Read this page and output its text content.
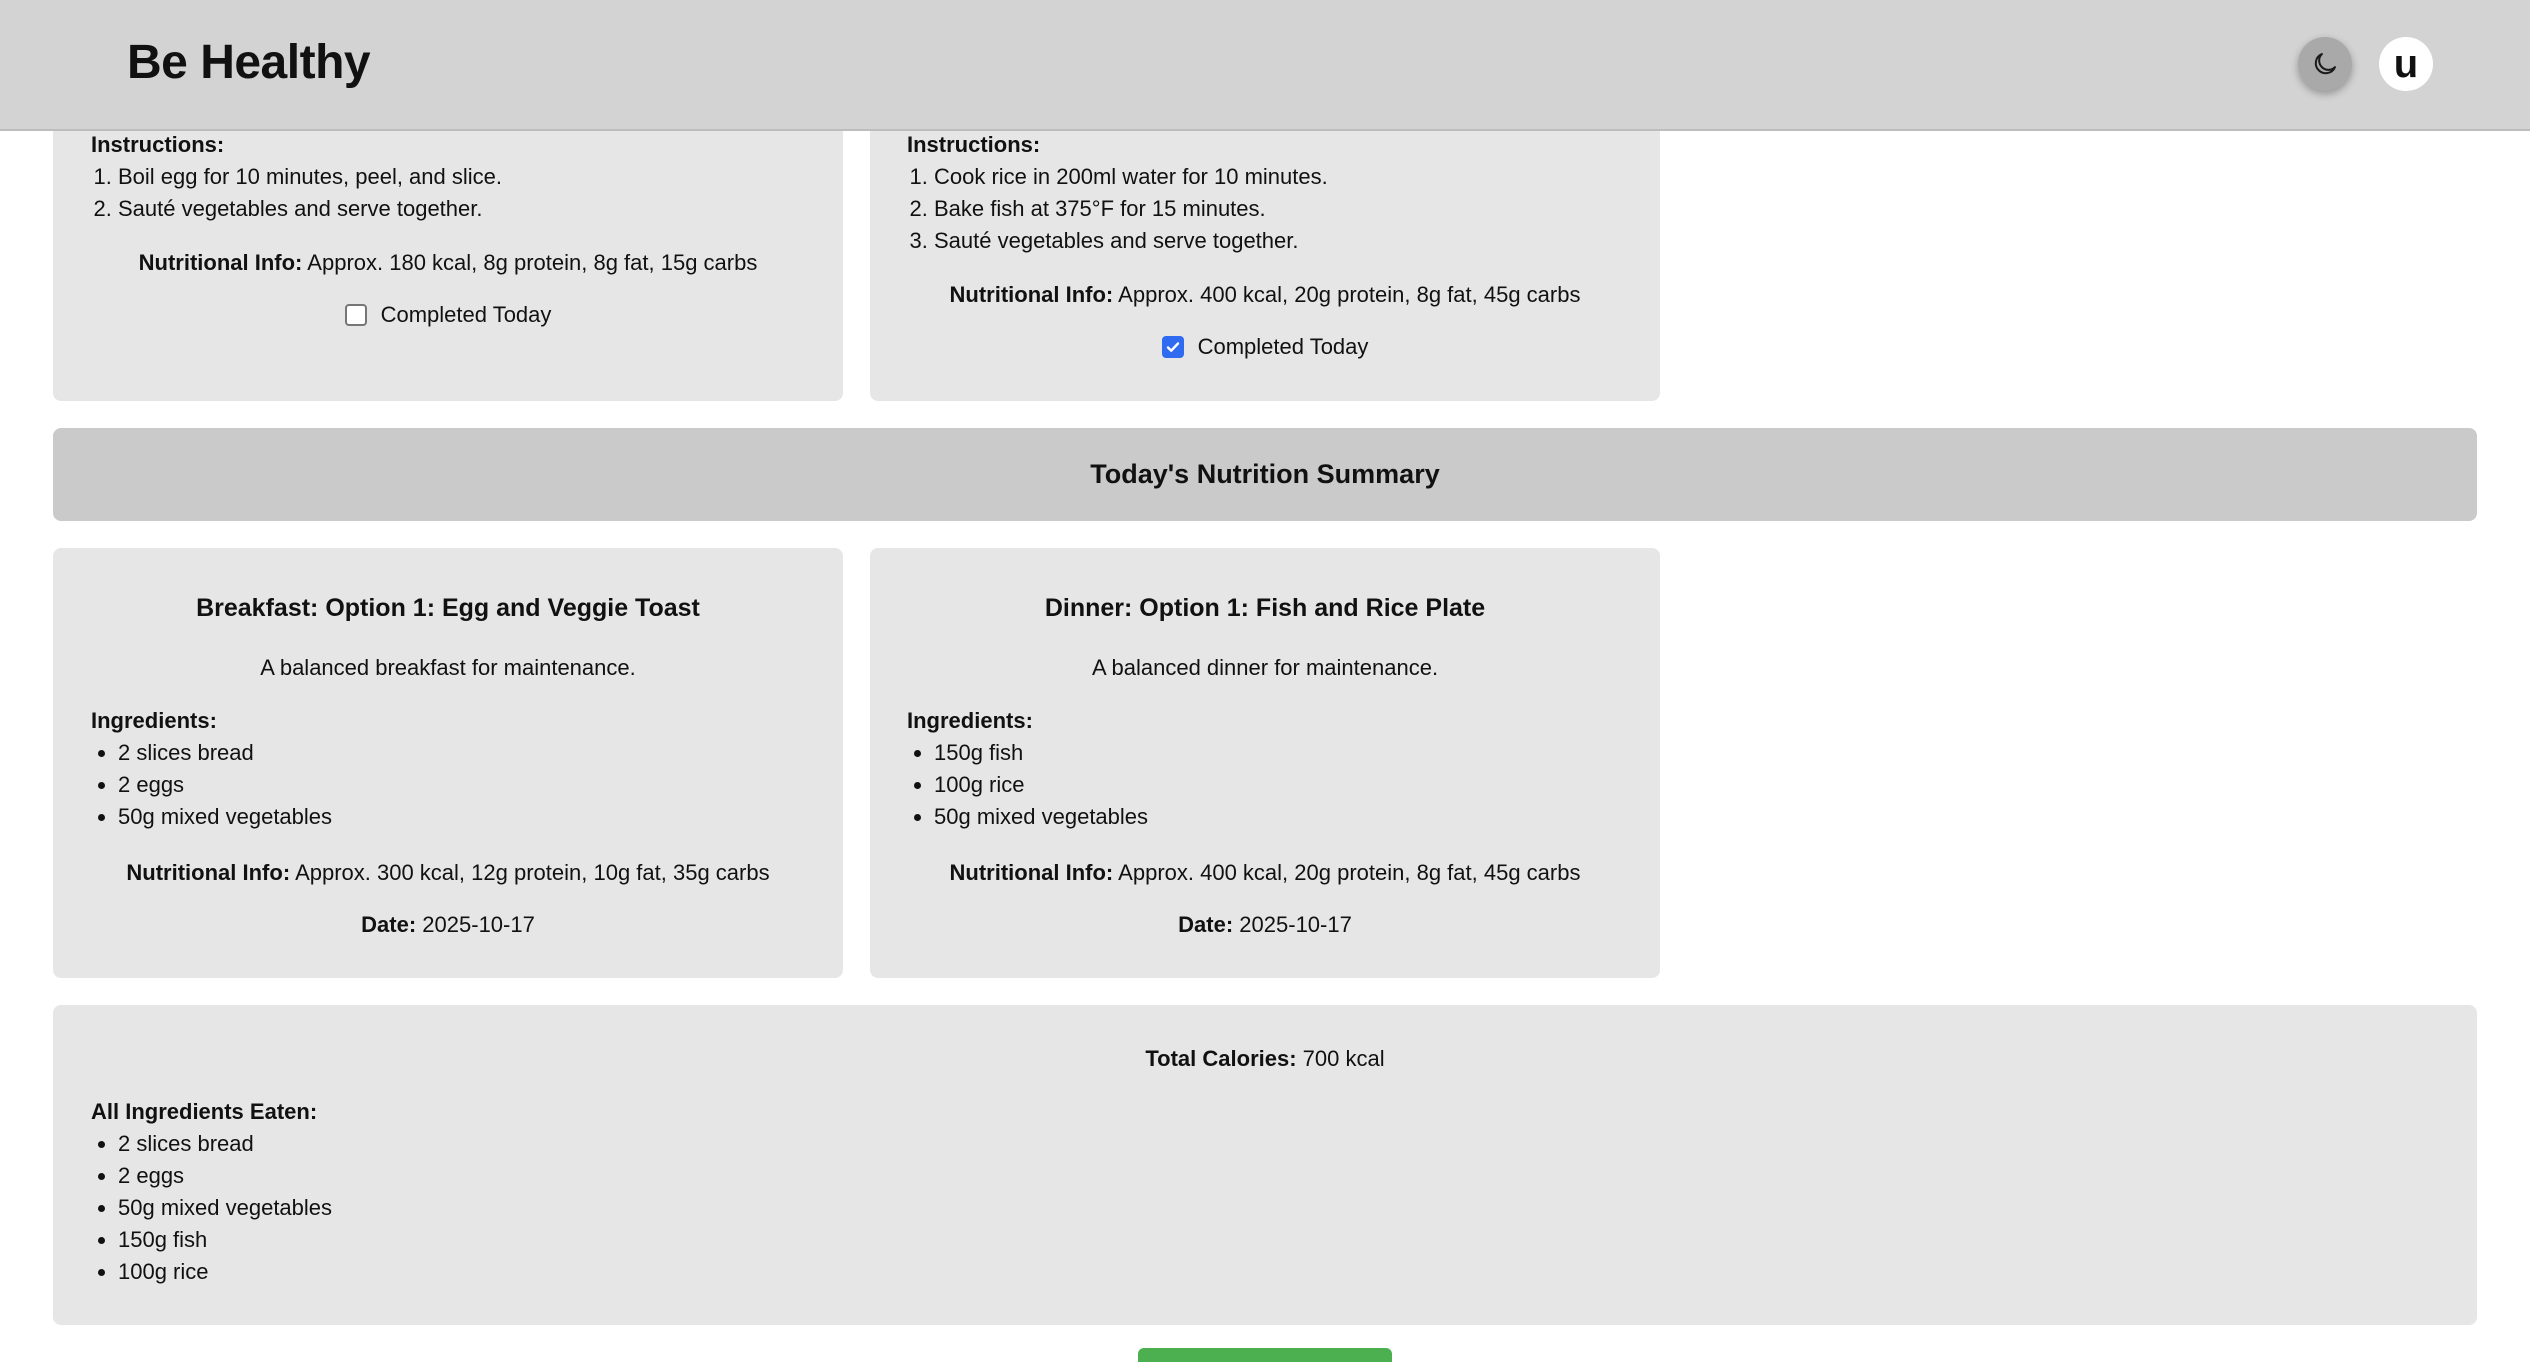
Be Healthy	u
Instructions:
1. Boil egg for 10 minutes, peel, and slice.
2. Sauté vegetables and serve together.
Nutritional Info: Approx. 180 kcal, 8g protein, 8g fat, 15g carbs
Completed Today
Instructions:
1. Cook rice in 200ml water for 10 minutes.
2. Bake fish at 375°F for 15 minutes.
3. Sauté vegetables and serve together.
Nutritional Info: Approx. 400 kcal, 20g protein, 8g fat, 45g carbs
Completed Today
Today's Nutrition Summary
Breakfast: Option 1: Egg and Veggie Toast
A balanced breakfast for maintenance.
Ingredients:
• 2 slices bread
• 2 eggs
• 50g mixed vegetables
Nutritional Info: Approx. 300 kcal, 12g protein, 10g fat, 35g carbs
Date: 2025-10-17
Dinner: Option 1: Fish and Rice Plate
A balanced dinner for maintenance.
Ingredients:
• 150g fish
• 100g rice
• 50g mixed vegetables
Nutritional Info: Approx. 400 kcal, 20g protein, 8g fat, 45g carbs
Date: 2025-10-17
Total Calories: 700 kcal
All Ingredients Eaten:
• 2 slices bread
• 2 eggs
• 50g mixed vegetables
• 150g fish
• 100g rice
